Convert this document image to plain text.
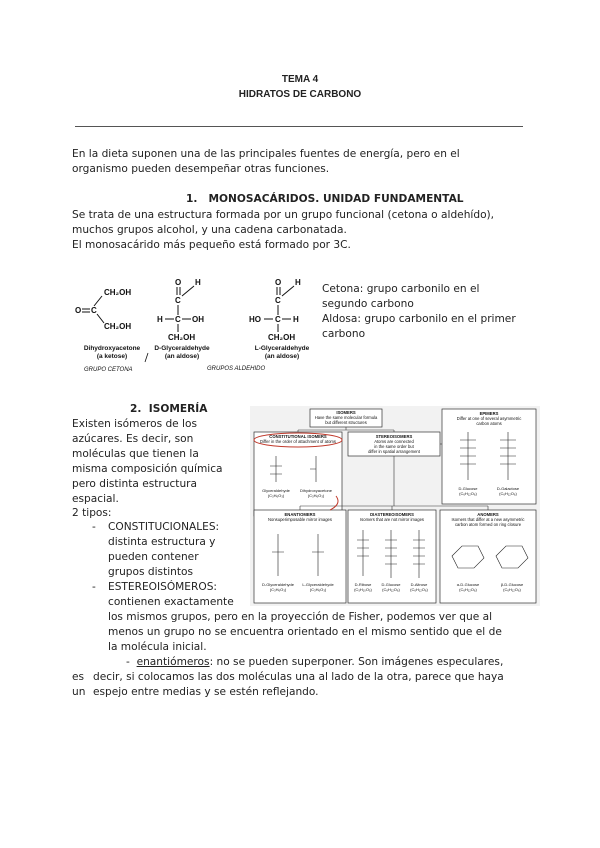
TEMA 4
HIDRATOS DE CARBONO
En la dieta suponen una de las principales fuentes de energía, pero en el
organismo pueden desempeñar otras funciones.
1. MONOSACÁRIDOS. UNIDAD FUNDAMENTAL
Se trata de una estructura formada por un grupo funcional (cetona o aldehído),
muchos grupos alcohol, y una cadena carbonatada.
El monosacárido más pequeño está formado por 3C.
CH₂OH
O C
CH₂OH
O H
C
H C OH
CH₂OH
O H
C
HO C H
CH₂OH
Dihydroxyacetone
(a ketose)
D-Glyceraldehyde
(an aldose)
L-Glyceraldehyde
(an aldose)
GRUPO CETONA	GRUPOS ALDEHIDO
Cetona: grupo carbonilo en el
segundo carbono
Aldosa: grupo carbonilo en el primer
carbono
2. ISOMERÍA
Existen isómeros de los
azúcares. Es decir, son
moléculas que tienen la
misma composición química
pero distinta estructura
espacial.
2 tipos:
- CONSTITUCIONALES:
distinta estructura y
pueden contener
grupos distintos
- ESTEREOISÓMEROS:
contienen exactamente
los mismos grupos, pero en la proyección de Fisher, podemos ver que al
menos un grupo no se encuentra orientado en el mismo sentido que el de
la molécula inicial.
- enantiómeros: no se pueden superponer. Son imágenes especulares,
es decir, si colocamos las dos moléculas una al lado de la otra, parece que haya
un espejo entre medias y se estén reflejando.
ISOMERS
Have the same molecular formula
but different structures
CONSTITUTIONAL ISOMERS
Differ in the order of attachment of atoms
STEREOISOMERS
Atoms are connected
in the same order but
differ in spatial arrangement
EPIMERS
Differ at one of several asymmetric
carbon atoms
ENANTIOMERS
Nonsuperimposable mirror images
DIASTEREOISOMERS
Isomers that are not mirror images
ANOMERS
Isomers that differ at a new asymmetric
carbon atom formed on ring closure
Glyceraldehyde
(C₃H₆O₃)
Dihydroxyacetone
(C₃H₆O₃)
D-Glucose
(C₆H₁₂O₆)
D-Galactose
(C₆H₁₂O₆)
D-Glyceraldehyde
(C₃H₆O₃)
L-Glyceraldehyde
(C₃H₆O₃)
D-Ribose
(C₅H₁₀O₅)
D-Glucose
(C₆H₁₂O₆)
D-Altrose
(C₆H₁₂O₆)
α-D-Glucose
(C₆H₁₂O₆)
β-D-Glucose
(C₆H₁₂O₆)
